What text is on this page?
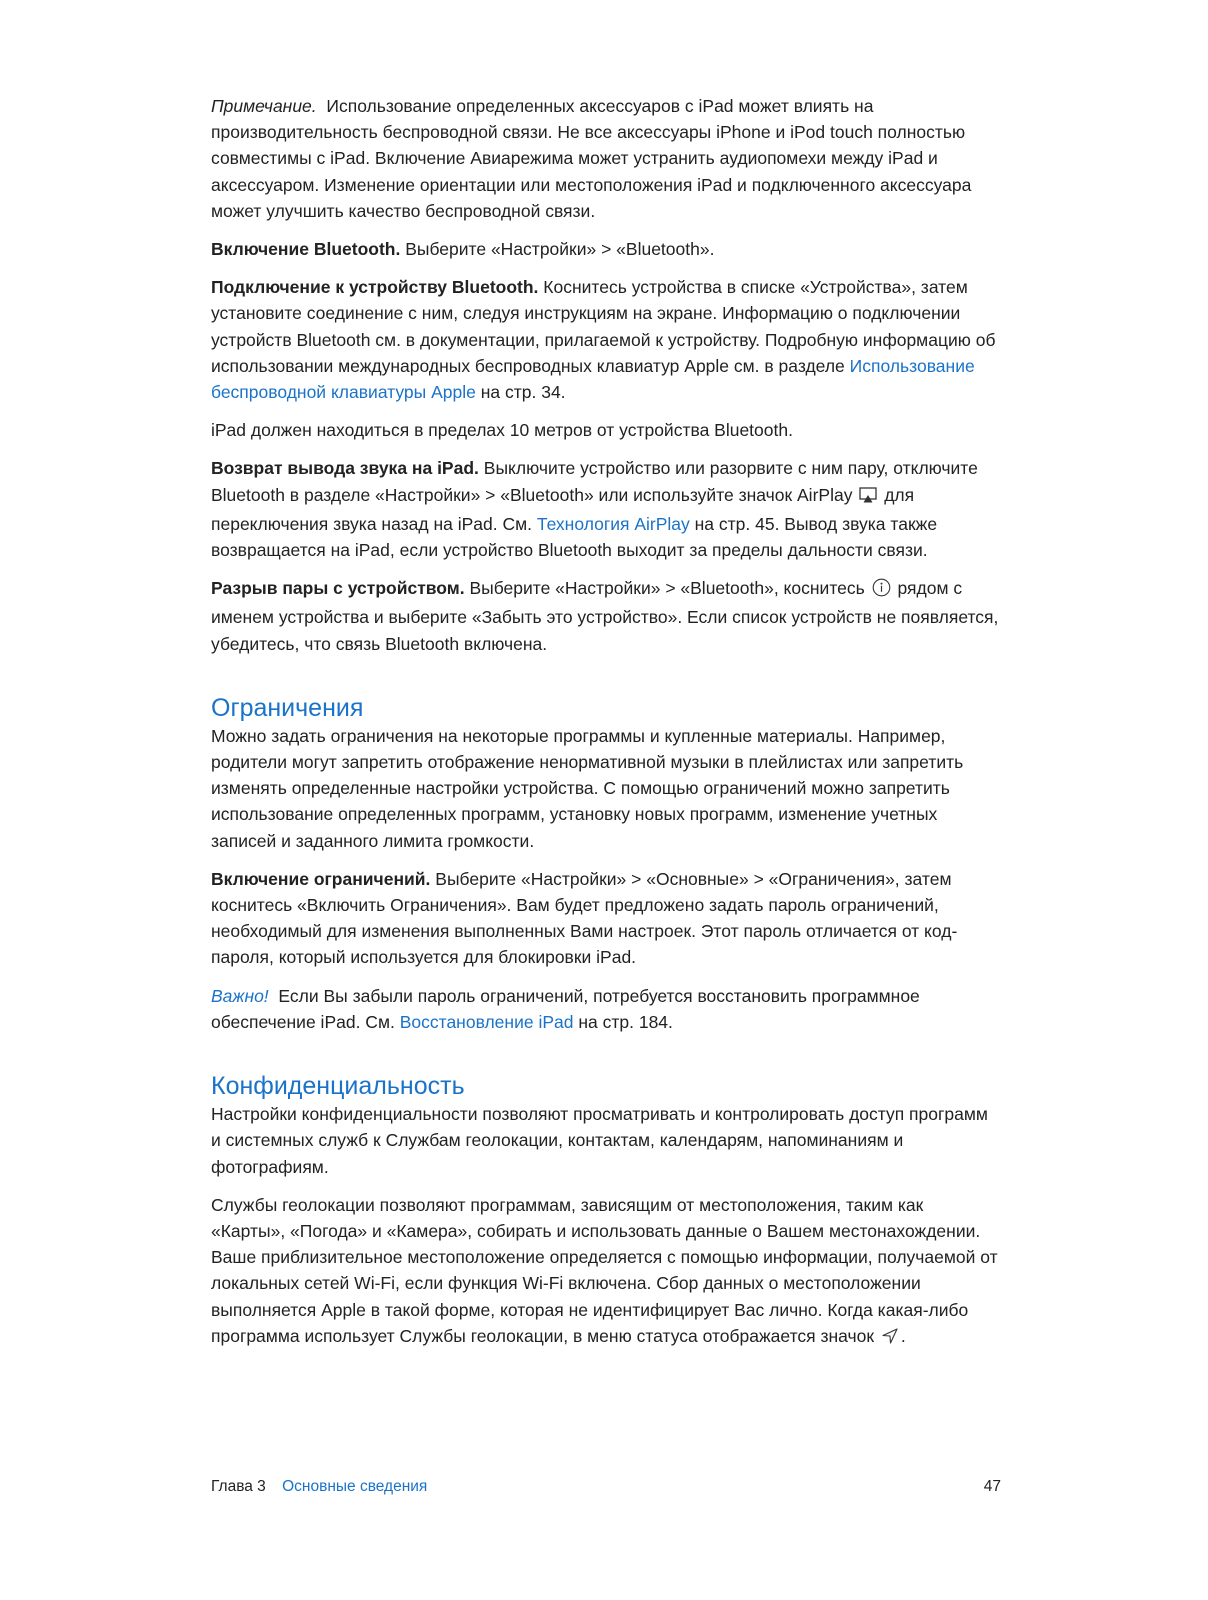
Примечание. Использование определенных аксессуаров с iPad может влиять на производительность беспроводной связи. Не все аксессуары iPhone и iPod touch полностью совместимы с iPad. Включение Авиарежима может устранить аудиопомехи между iPad и аксессуаром. Изменение ориентации или местоположения iPad и подключенного аксессуара может улучшить качество беспроводной связи.

Включение Bluetooth. Выберите «Настройки» > «Bluetooth».

Подключение к устройству Bluetooth. Коснитесь устройства в списке «Устройства», затем установите соединение с ним, следуя инструкциям на экране. Информацию о подключении устройств Bluetooth см. в документации, прилагаемой к устройству. Подробную информацию об использовании международных беспроводных клавиатур Apple см. в разделе Использование беспроводной клавиатуры Apple на стр. 34.

iPad должен находиться в пределах 10 метров от устройства Bluetooth.

Возврат вывода звука на iPad. Выключите устройство или разорвите с ним пару, отключите Bluetooth в разделе «Настройки» > «Bluetooth» или используйте значок AirPlay для переключения звука назад на iPad. См. Технология AirPlay на стр. 45. Вывод звука также возвращается на iPad, если устройство Bluetooth выходит за пределы дальности связи.

Разрыв пары с устройством. Выберите «Настройки» > «Bluetooth», коснитесь рядом с именем устройства и выберите «Забыть это устройство». Если список устройств не появляется, убедитесь, что связь Bluetooth включена.

Ограничения

Можно задать ограничения на некоторые программы и купленные материалы. Например, родители могут запретить отображение ненормативной музыки в плейлистах или запретить изменять определенные настройки устройства. С помощью ограничений можно запретить использование определенных программ, установку новых программ, изменение учетных записей и заданного лимита громкости.

Включение ограничений. Выберите «Настройки» > «Основные» > «Ограничения», затем коснитесь «Включить Ограничения». Вам будет предложено задать пароль ограничений, необходимый для изменения выполненных Вами настроек. Этот пароль отличается от код-пароля, который используется для блокировки iPad.

Важно! Если Вы забыли пароль ограничений, потребуется восстановить программное обеспечение iPad. См. Восстановление iPad на стр. 184.

Конфиденциальность

Настройки конфиденциальности позволяют просматривать и контролировать доступ программ и системных служб к Службам геолокации, контактам, календарям, напоминаниям и фотографиям.

Службы геолокации позволяют программам, зависящим от местоположения, таким как «Карты», «Погода» и «Камера», собирать и использовать данные о Вашем местонахождении. Ваше приблизительное местоположение определяется с помощью информации, получаемой от локальных сетей Wi-Fi, если функция Wi-Fi включена. Сбор данных о местоположении выполняется Apple в такой форме, которая не идентифицирует Вас лично. Когда какая-либо программа использует Службы геолокации, в меню статуса отображается значок .

Глава 3 Основные сведения	47
